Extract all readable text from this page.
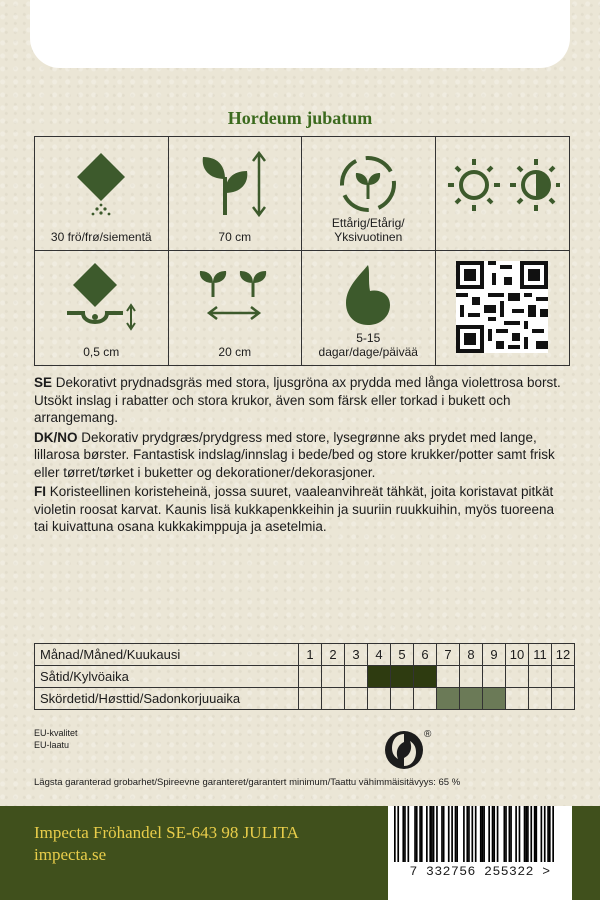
Hordeum jubatum
30 frö/frø/siementä	70 cm
Ettårig/Etårig/
Yksivuotinen
0,5 cm	20 cm
5-15
dagar/dage/päivää

SE Dekorativt prydnadsgräs med stora, ljusgröna ax prydda med långa violettrosa borst. Utsökt inslag i rabatter och stora krukor, även som färsk eller torkad i bukett och arrangemang.

DK/NO Dekorativ prydgræs/prydgress med store, lysegrønne aks prydet med lange, lillarosa børster. Fantastisk indslag/innslag i bede/bed og store krukker/potter samt frisk eller tørret/tørket i buketter og dekorationer/dekorasjoner.

FI Koristeellinen koristeheinä, jossa suuret, vaaleanvihreät tähkät, joita koristavat pitkät violetin roosat karvat. Kaunis lisä kukkapenkkeihin ja suuriin ruukkuihin, myös tuoreena tai kuivattuna osana kukkakimppuja ja asetelmia.

Månad/Måned/Kuukausi	1	2	3	4	5	6	7	8	9	10	11	12
Såtid/Kylvöaika												
Skördetid/Høsttid/Sadonkorjuuaika												
EU-kvalitet
EU-laatu
®
Lägsta garanterad grobarhet/Spireevne garanteret/garantert minimum/Taattu vähimmäisitävyys: 65 %
Impecta Fröhandel SE-643 98 JULITA
impecta.se
7 332756 255322 >
